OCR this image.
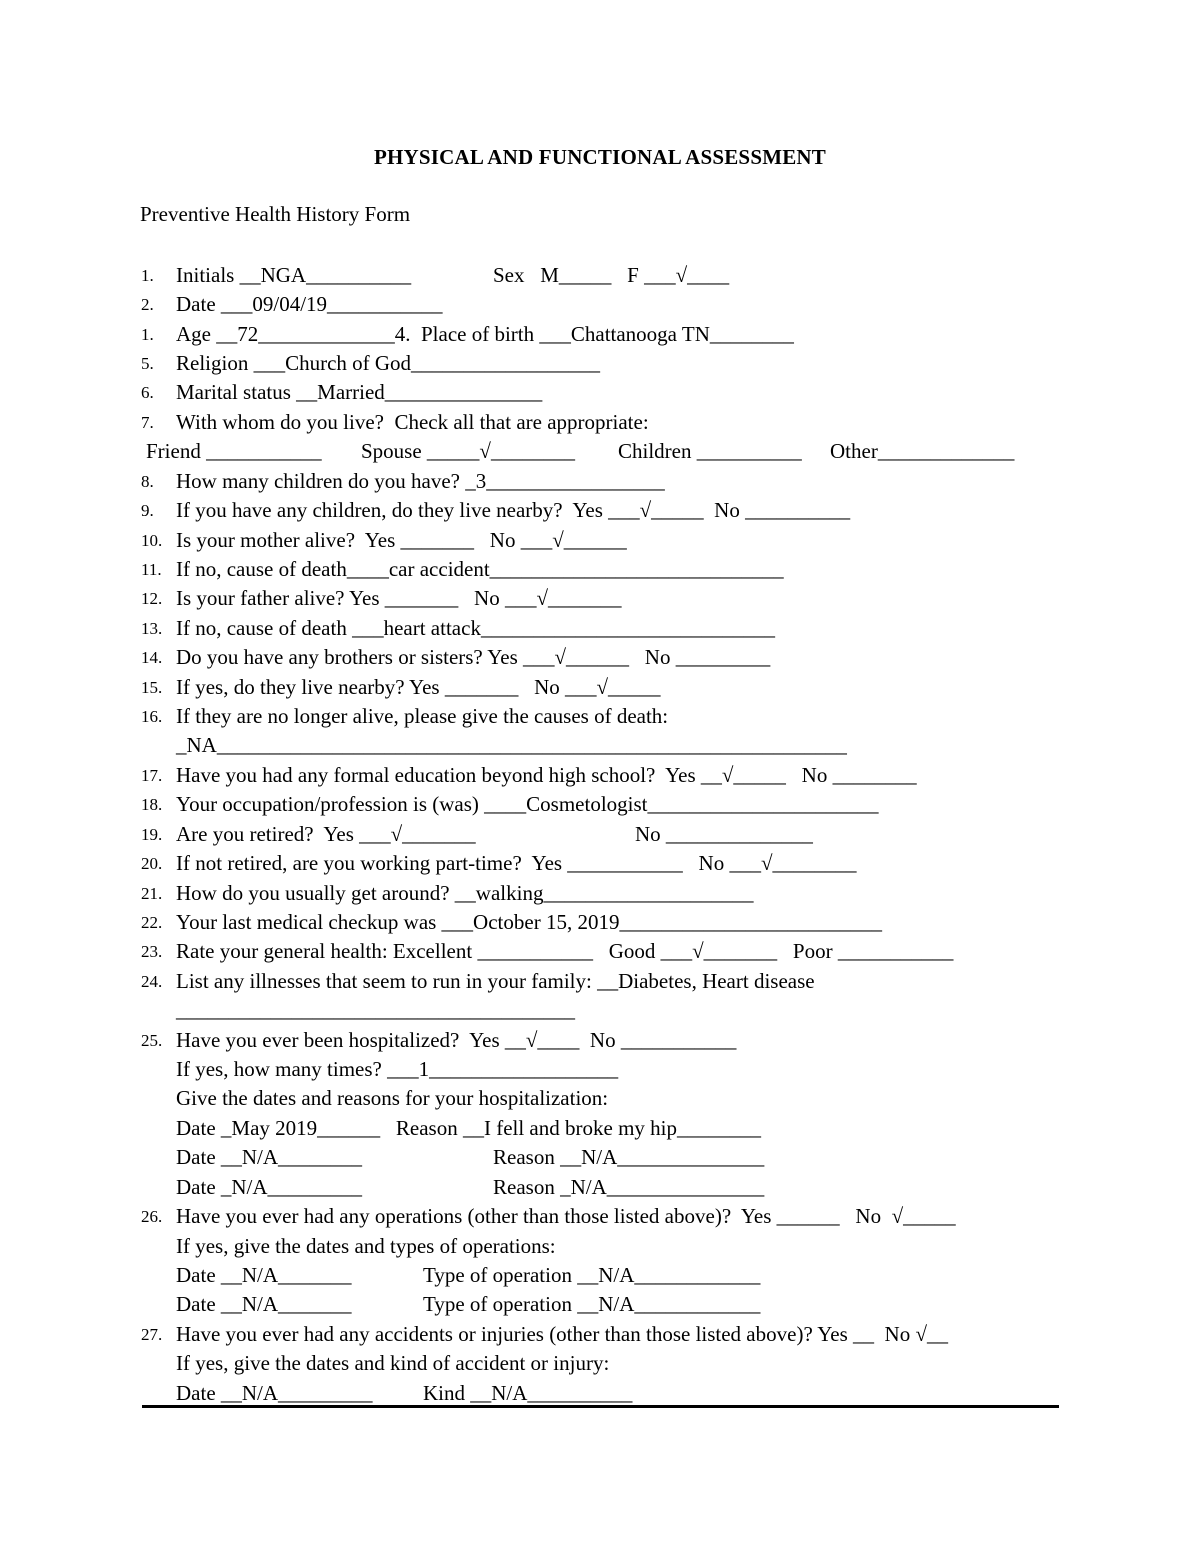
PHYSICAL AND FUNCTIONAL ASSESSMENT
Preventive Health History Form
1. Initials __NGA__________	Sex   M_____   F ___√____
2. Date ___09/04/19___________
1. Age __72_____________4.  Place of birth ___Chattanooga TN________
5. Religion ___Church of God__________________
6. Marital status __Married_______________
7. With whom do you live?  Check all that are appropriate:
Friend ___________ Spouse _____√________ Children __________ Other_____________
8. How many children do you have? _3_________________
9. If you have any children, do they live nearby?  Yes ___√_____  No __________
10. Is your mother alive?  Yes _______   No ___√______
11. If no, cause of death____car accident____________________________
12. Is your father alive? Yes _______   No ___√_______
13. If no, cause of death ___heart attack____________________________
14. Do you have any brothers or sisters? Yes ___√______   No _________
15. If yes, do they live nearby? Yes _______   No ___√_____
16. If they are no longer alive, please give the causes of death:
_NA____________________________________________________________
17. Have you had any formal education beyond high school?  Yes __√_____   No ________
18. Your occupation/profession is (was) ____Cosmetologist______________________
19. Are you retired?  Yes ___√_______	No ______________
20. If not retired, are you working part-time?  Yes ___________   No ___√________
21. How do you usually get around? __walking____________________
22. Your last medical checkup was ___October 15, 2019_________________________
23. Rate your general health: Excellent ___________   Good ___√_______   Poor ___________
24. List any illnesses that seem to run in your family: __Diabetes, Heart disease
______________________________________
25. Have you ever been hospitalized?  Yes __√____  No ___________
If yes, how many times? ___1__________________
Give the dates and reasons for your hospitalization:
Date _May 2019______   Reason __I fell and broke my hip________
Date __N/A________	Reason __N/A______________
Date _N/A_________	Reason _N/A_______________
26. Have you ever had any operations (other than those listed above)?  Yes ______   No  √_____
If yes, give the dates and types of operations:
Date __N/A_______	Type of operation __N/A____________
Date __N/A_______	Type of operation __N/A____________
27. Have you ever had any accidents or injuries (other than those listed above)? Yes __  No √__
If yes, give the dates and kind of accident or injury:
Date __N/A_________ Kind __N/A__________
